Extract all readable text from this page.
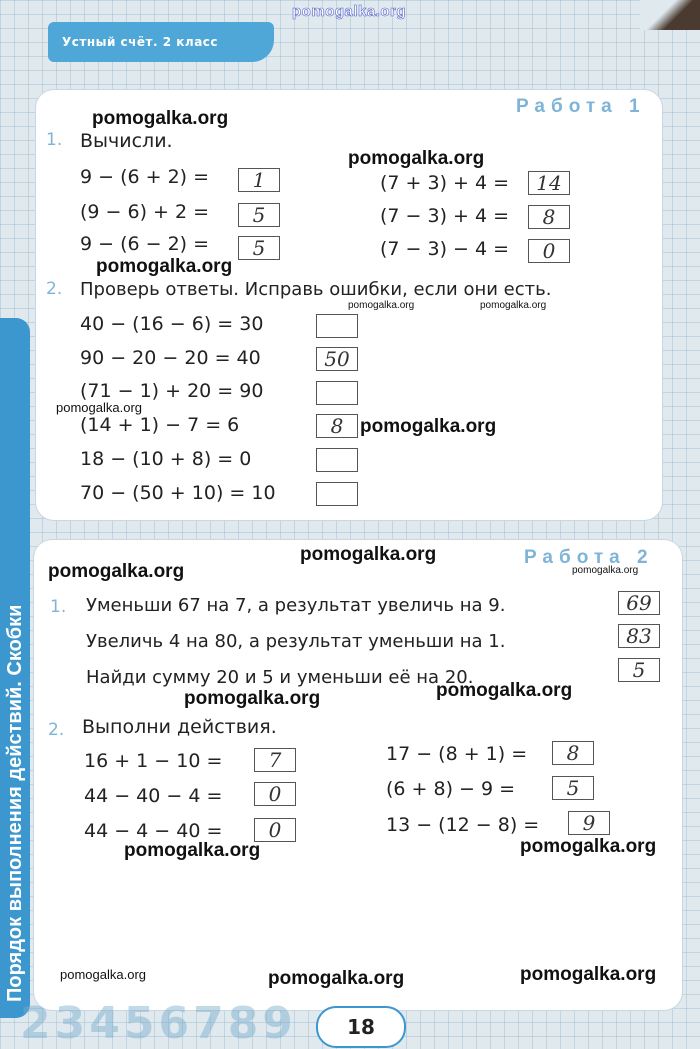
pomogalka.org
Устный счёт. 2 класс
Порядок выполнения действий. Скобки
Работа 1
1. Вычисли.
9 − (6 + 2) =	1
(9 − 6) + 2 =	5
9 − (6 − 2) =	5
(7 + 3) + 4 =	14
(7 − 3) + 4 =	8
(7 − 3) − 4 =	0
2. Проверь ответы. Исправь ошибки, если они есть.
40 − (16 − 6) = 30
90 − 20 − 20 = 40	50
(71 − 1) + 20 = 90
(14 + 1) − 7 = 6	8
18 − (10 + 8) = 0
70 − (50 + 10) = 10
Работа 2
1. Уменьши 67 на 7, а результат увеличь на 9.	69
Увеличь 4 на 80, а результат уменьши на 1.	83
Найди сумму 20 и 5 и уменьши её на 20.	5
2. Выполни действия.
16 + 1 − 10 =	7
44 − 40 − 4 =	0
44 − 4 − 40 =	0
17 − (8 + 1) =	8
(6 + 8) − 9 =	5
13 − (12 − 8) =	9
23456789	18
pomogalka.org
pomogalka.org
pomogalka.org
pomogalka.org	pomogalka.org
pomogalka.org
pomogalka.org
pomogalka.org
pomogalka.org	pomogalka.org
pomogalka.org	pomogalka.org
pomogalka.org	pomogalka.org
pomogalka.org	pomogalka.org	pomogalka.org
